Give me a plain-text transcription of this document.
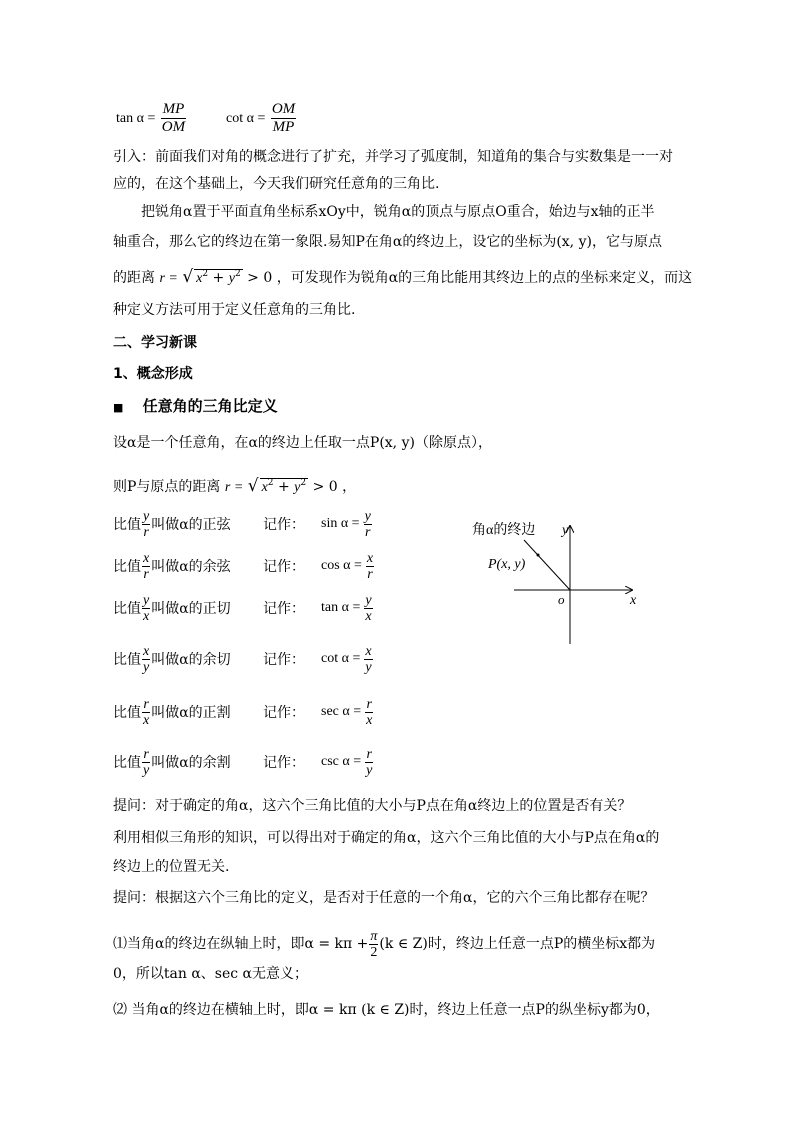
$\tan \alpha = \frac{MP}{OM}$	$\cot \alpha = \frac{OM}{MP}$
引入：前面我们对角的概念进行了扩充，并学习了弧度制，知道角的集合与实数集是一一对
应的，在这个基础上，今天我们研究任意角的三角比.
把锐角α置于平面直角坐标系xOy中，锐角α的顶点与原点O重合，始边与x轴的正半
轴重合，那么它的终边在第一象限.易知P在角α的终边上，设它的坐标为(x, y)，它与原点
的距离 r = √ $x^2 + y^2 > 0$ ，可发现作为锐角α的三角比能用其终边上的点的坐标来定义，而这
种定义方法可用于定义任意角的三角比.
二、学习新课
1、概念形成
■ 任意角的三角比定义
设α是一个任意角，在α的终边上任取一点P(x, y)（除原点），
则P与原点的距离 r = √ $x^2 + y^2 > 0$ ，
比值 $\frac{y}{r}$ 叫做α的正弦 记作：	$\sin \alpha = \frac{y}{r}$
比值 $\frac{x}{r}$ 叫做α的余弦 记作：	$\cos \alpha = \frac{x}{r}$
比值 $\frac{y}{x}$ 叫做α的正切 记作：	$\tan \alpha = \frac{y}{x}$
比值 $\frac{x}{y}$ 叫做α的余切 记作：	$\cot \alpha = \frac{x}{y}$
比值 $\frac{r}{x}$ 叫做α的正割 记作：	$\sec \alpha = \frac{r}{x}$
比值 $\frac{r}{y}$ 叫做α的余割 记作：	$\csc \alpha = \frac{r}{y}$
角α的终边 y
x
o
P(x, y)
提问：对于确定的角α，这六个三角比值的大小与P点在角α终边上的位置是否有关？
利用相似三角形的知识，可以得出对于确定的角α，这六个三角比值的大小与P点在角α的
终边上的位置无关.
提问：根据这六个三角比的定义，是否对于任意的一个角α，它的六个三角比都存在呢？
⑴当角α的终边在纵轴上时，即$\alpha = k\pi + \frac{\pi}{2} (k$ ∈ Z)时，终边上任意一点P的横坐标x都为
0，所以tan α、sec α无意义；
⑵ 当角α的终边在横轴上时，即α = kπ (k ∈ Z)时，终边上任意一点P的纵坐标y都为0，
